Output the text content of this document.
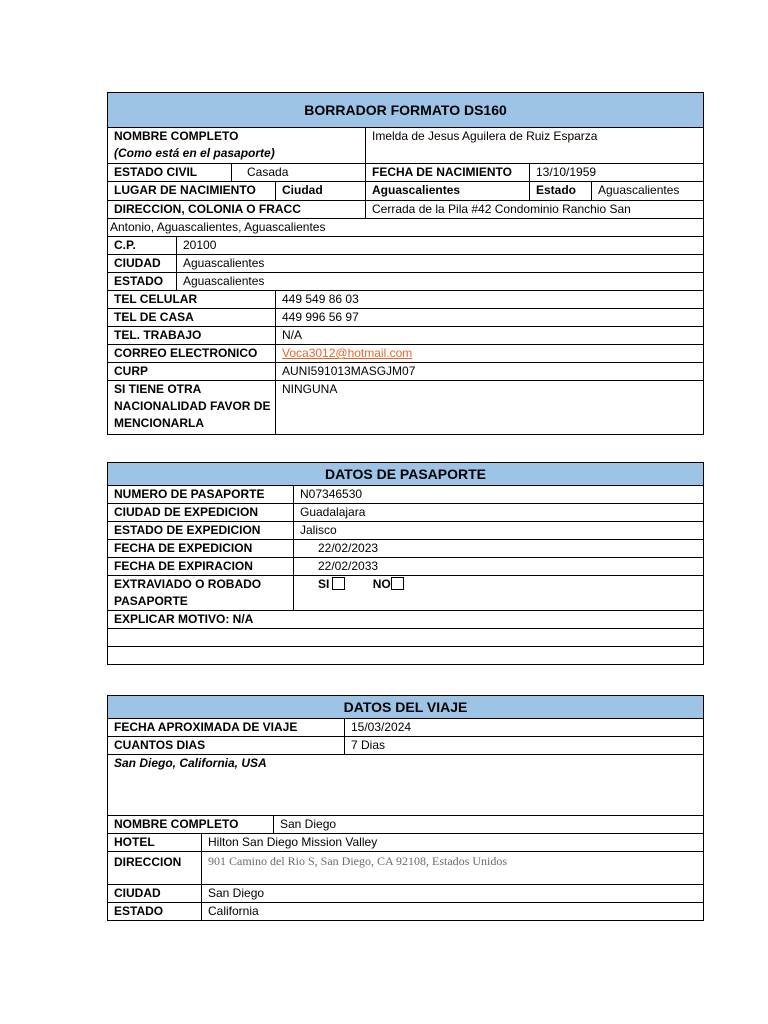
BORRADOR FORMATO DS160						

NOMBRE COMPLETO
(Como está en el pasaporte)				Imelda de Jesus Aguilera de Ruiz Esparza		
ESTADO CIVIL		Casada		FECHA DE NACIMIENTO	13/10/1959	
LUGAR DE NACIMIENTO			Ciudad	Aguascalientes	Estado	Aguascalientes
DIRECCION, COLONIA O FRACC				Cerrada de la Pila #42 Condominio Ranchio San		
Antonio, Aguascalientes, Aguascalientes						
C.P.	20100					
CIUDAD	Aguascalientes					
ESTADO	Aguascalientes					
TEL CELULAR			449 549 86 03			
TEL DE CASA			449 996 56 97			
TEL. TRABAJO			N/A			
CORREO ELECTRONICO			Voca3012@hotmail.com			
CURP			AUNI591013MASGJM07			
SI TIENE OTRA NACIONALIDAD FAVOR DE MENCIONARLA			NINGUNA			
DATOS DE PASAPORTE	
NUMERO DE PASAPORTE	N07346530
CIUDAD DE EXPEDICION	Guadalajara
ESTADO DE EXPEDICION	Jalisco
FECHA DE EXPEDICION	22/02/2023
FECHA DE EXPIRACION	22/02/2033
EXTRAVIADO O ROBADO PASAPORTE	SI NO
EXPLICAR MOTIVO: N/A	

DATOS DEL VIAJE			
FECHA APROXIMADA DE VIAJE			15/03/2024
CUANTOS DIAS			7 Dias
San Diego, California, USA			
NOMBRE COMPLETO		San Diego	
HOTEL	Hilton San Diego Mission Valley		
DIRECCION	901 Camino del Rio S, San Diego, CA 92108, Estados Unidos		
CIUDAD	San Diego		
ESTADO	California		
